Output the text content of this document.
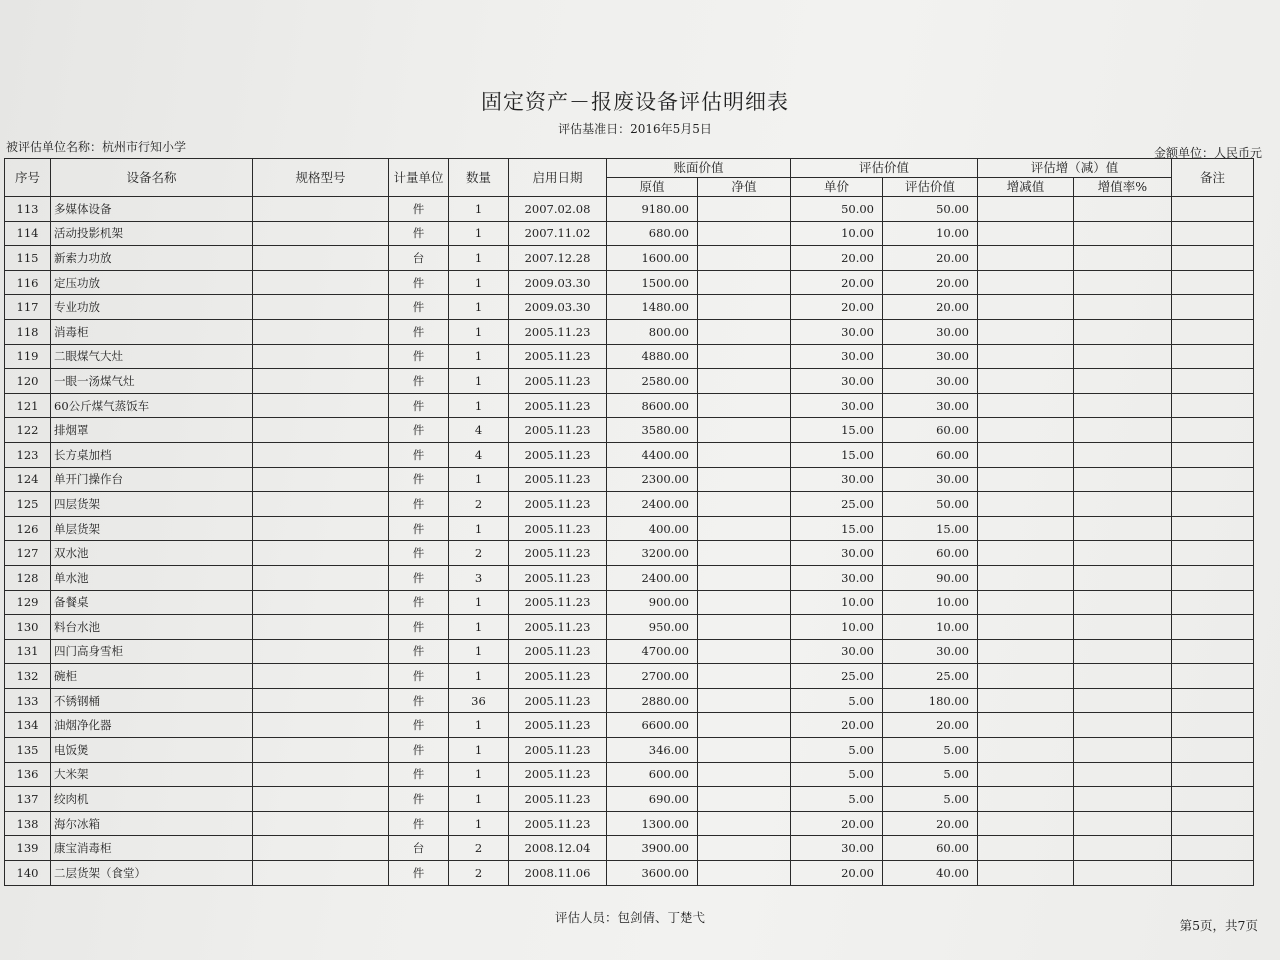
固定资产－报废设备评估明细表
评估基准日：2016年5月5日
被评估单位名称：杭州市行知小学	金额单位：人民币元
序号	设备名称	规格型号	计量单位	数量	启用日期	账面价值		评估价值		评估增（减）值		备注
						原值	净值	单价	评估价值	增减值	增值率%	
113	多媒体设备		件	1	2007.02.08	9180.00		50.00	50.00			
114	活动投影机架		件	1	2007.11.02	680.00		10.00	10.00			
115	新索力功放		台	1	2007.12.28	1600.00		20.00	20.00			
116	定压功放		件	1	2009.03.30	1500.00		20.00	20.00			
117	专业功放		件	1	2009.03.30	1480.00		20.00	20.00			
118	消毒柜		件	1	2005.11.23	800.00		30.00	30.00			
119	二眼煤气大灶		件	1	2005.11.23	4880.00		30.00	30.00			
120	一眼一汤煤气灶		件	1	2005.11.23	2580.00		30.00	30.00			
121	60公斤煤气蒸饭车		件	1	2005.11.23	8600.00		30.00	30.00			
122	排烟罩		件	4	2005.11.23	3580.00		15.00	60.00			
123	长方桌加档		件	4	2005.11.23	4400.00		15.00	60.00			
124	单开门操作台		件	1	2005.11.23	2300.00		30.00	30.00			
125	四层货架		件	2	2005.11.23	2400.00		25.00	50.00			
126	单层货架		件	1	2005.11.23	400.00		15.00	15.00			
127	双水池		件	2	2005.11.23	3200.00		30.00	60.00			
128	单水池		件	3	2005.11.23	2400.00		30.00	90.00			
129	备餐桌		件	1	2005.11.23	900.00		10.00	10.00			
130	料台水池		件	1	2005.11.23	950.00		10.00	10.00			
131	四门高身雪柜		件	1	2005.11.23	4700.00		30.00	30.00			
132	碗柜		件	1	2005.11.23	2700.00		25.00	25.00			
133	不锈钢桶		件	36	2005.11.23	2880.00		5.00	180.00			
134	油烟净化器		件	1	2005.11.23	6600.00		20.00	20.00			
135	电饭煲		件	1	2005.11.23	346.00		5.00	5.00			
136	大米架		件	1	2005.11.23	600.00		5.00	5.00			
137	绞肉机		件	1	2005.11.23	690.00		5.00	5.00			
138	海尔冰箱		件	1	2005.11.23	1300.00		20.00	20.00			
139	康宝消毒柜		台	2	2008.12.04	3900.00		30.00	60.00			
140	二层货架（食堂）		件	2	2008.11.06	3600.00		20.00	40.00			
评估人员：包剑倩、丁楚弋
第5页，共7页
